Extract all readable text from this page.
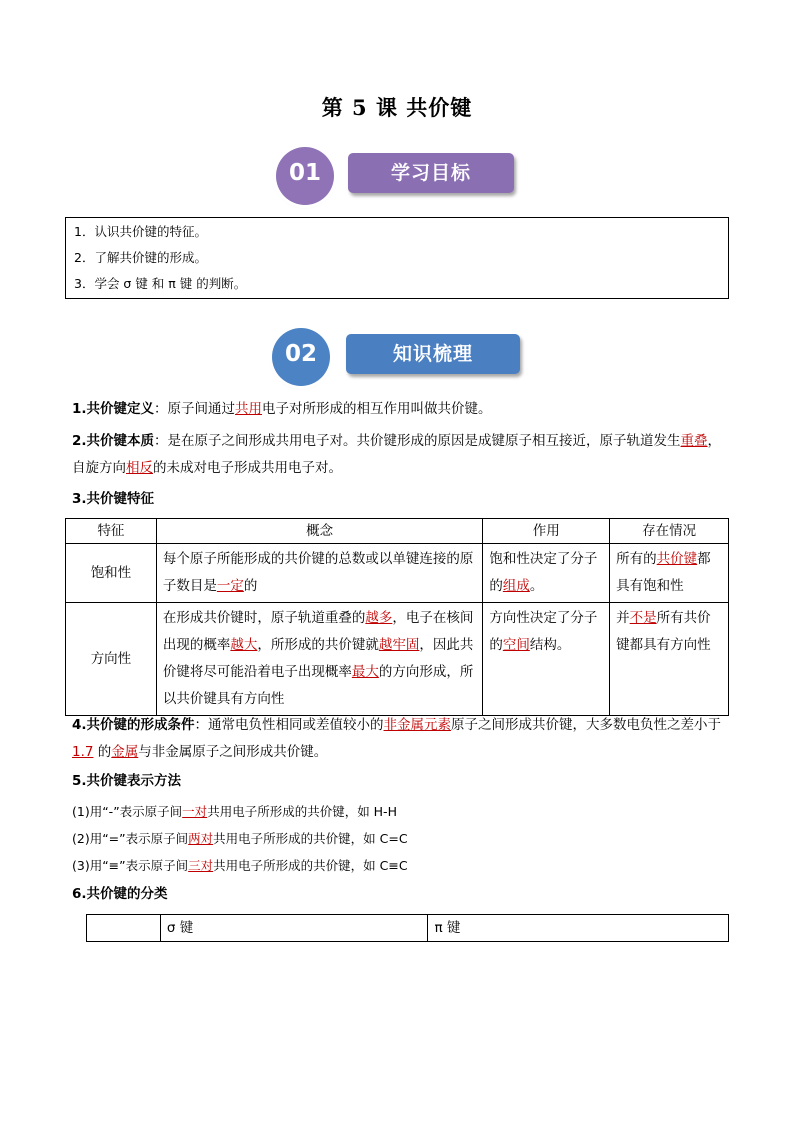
第 5 课 共价键
学习目标
01
1．认识共价键的特征。
2．了解共价键的形成。
3．学会 σ 键 和 π 键 的判断。
知识梳理
02
1.共价键定义：原子间通过共用电子对所形成的相互作用叫做共价键。
2.共价键本质：是在原子之间形成共用电子对。共价键形成的原因是成键原子相互接近，原子轨道发生重叠，自旋方向相反的未成对电子形成共用电子对。
3.共价键特征
特征	概念	作用	存在情况
饱和性	每个原子所能形成的共价键的总数或以单键连接的原子数目是一定的	饱和性决定了分子的组成。	所有的共价键都具有饱和性
方向性	在形成共价键时，原子轨道重叠的越多，电子在核间出现的概率越大，所形成的共价键就越牢固，因此共价键将尽可能沿着电子出现概率最大的方向形成，所以共价键具有方向性	方向性决定了分子的空间结构。	并不是所有共价键都具有方向性
4.共价键的形成条件：通常电负性相同或差值较小的非金属元素原子之间形成共价键，大多数电负性之差小于 1.7 的金属与非金属原子之间形成共价键。
5.共价键表示方法
(1)用“-”表示原子间一对共用电子所形成的共价键，如 H-H
(2)用“=”表示原子间两对共用电子所形成的共价键，如 C=C
(3)用“≡”表示原子间三对共用电子所形成的共价键，如 C≡C
6.共价键的分类
	σ 键	π 键
